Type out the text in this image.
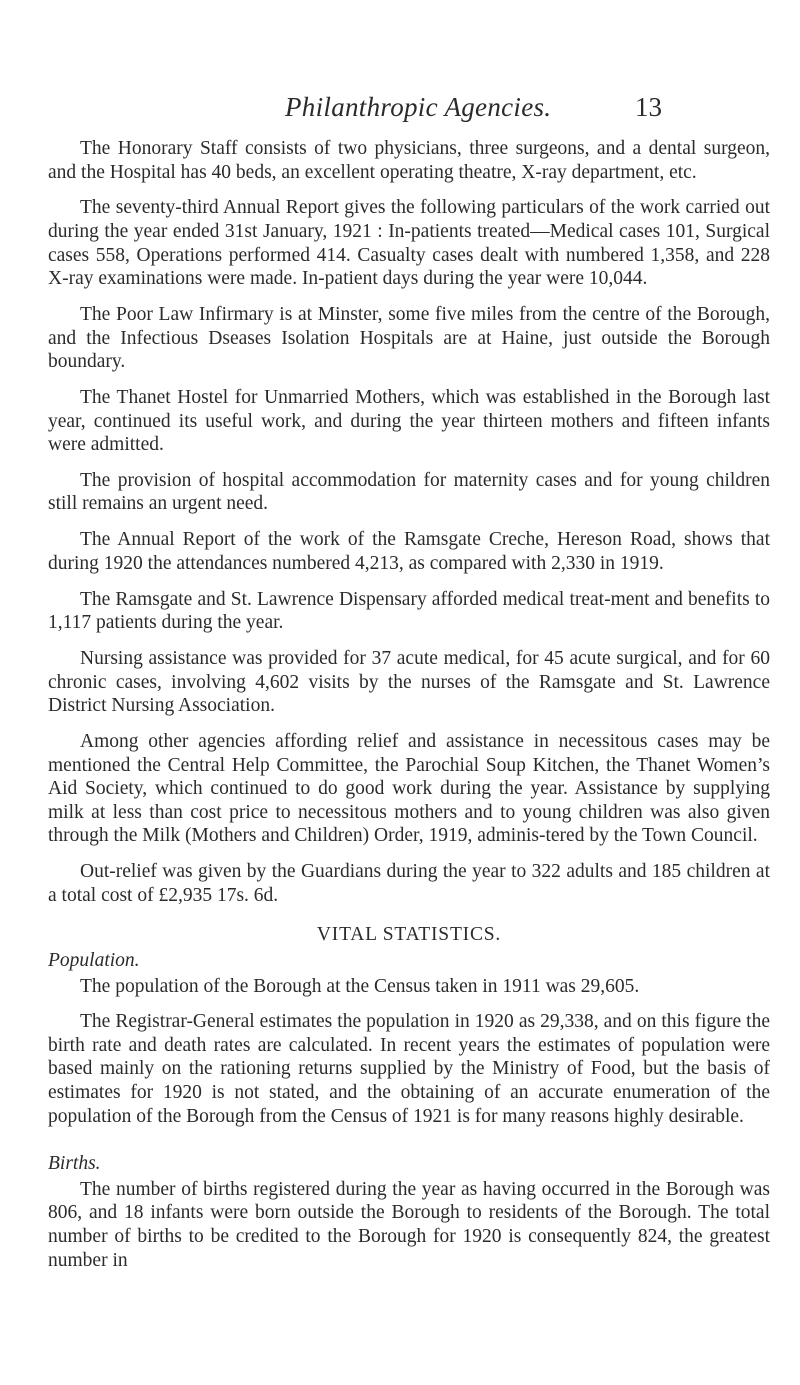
Philanthropic Agencies.	13

The Honorary Staff consists of two physicians, three surgeons, and a dental surgeon, and the Hospital has 40 beds, an excellent operating theatre, X-ray department, etc.

The seventy-third Annual Report gives the following particulars of the work carried out during the year ended 31st January, 1921 : In-patients treated—Medical cases 101, Surgical cases 558, Operations performed 414. Casualty cases dealt with numbered 1,358, and 228 X-ray examinations were made. In-patient days during the year were 10,044.

The Poor Law Infirmary is at Minster, some five miles from the centre of the Borough, and the Infectious Dseases Isolation Hospitals are at Haine, just outside the Borough boundary.

The Thanet Hostel for Unmarried Mothers, which was established in the Borough last year, continued its useful work, and during the year thirteen mothers and fifteen infants were admitted.

The provision of hospital accommodation for maternity cases and for young children still remains an urgent need.

The Annual Report of the work of the Ramsgate Creche, Hereson Road, shows that during 1920 the attendances numbered 4,213, as compared with 2,330 in 1919.

The Ramsgate and St. Lawrence Dispensary afforded medical treat-ment and benefits to 1,117 patients during the year.

Nursing assistance was provided for 37 acute medical, for 45 acute surgical, and for 60 chronic cases, involving 4,602 visits by the nurses of the Ramsgate and St. Lawrence District Nursing Association.

Among other agencies affording relief and assistance in necessitous cases may be mentioned the Central Help Committee, the Parochial Soup Kitchen, the Thanet Women’s Aid Society, which continued to do good work during the year. Assistance by supplying milk at less than cost price to necessitous mothers and to young children was also given through the Milk (Mothers and Children) Order, 1919, adminis-tered by the Town Council.

Out-relief was given by the Guardians during the year to 322 adults and 185 children at a total cost of £2,935 17s. 6d.

VITAL STATISTICS.

Population.

The population of the Borough at the Census taken in 1911 was 29,605.

The Registrar-General estimates the population in 1920 as 29,338, and on this figure the birth rate and death rates are calculated. In recent years the estimates of population were based mainly on the rationing returns supplied by the Ministry of Food, but the basis of estimates for 1920 is not stated, and the obtaining of an accurate enumeration of the population of the Borough from the Census of 1921 is for many reasons highly desirable.

Births.

The number of births registered during the year as having occurred in the Borough was 806, and 18 infants were born outside the Borough to residents of the Borough. The total number of births to be credited to the Borough for 1920 is consequently 824, the greatest number in
